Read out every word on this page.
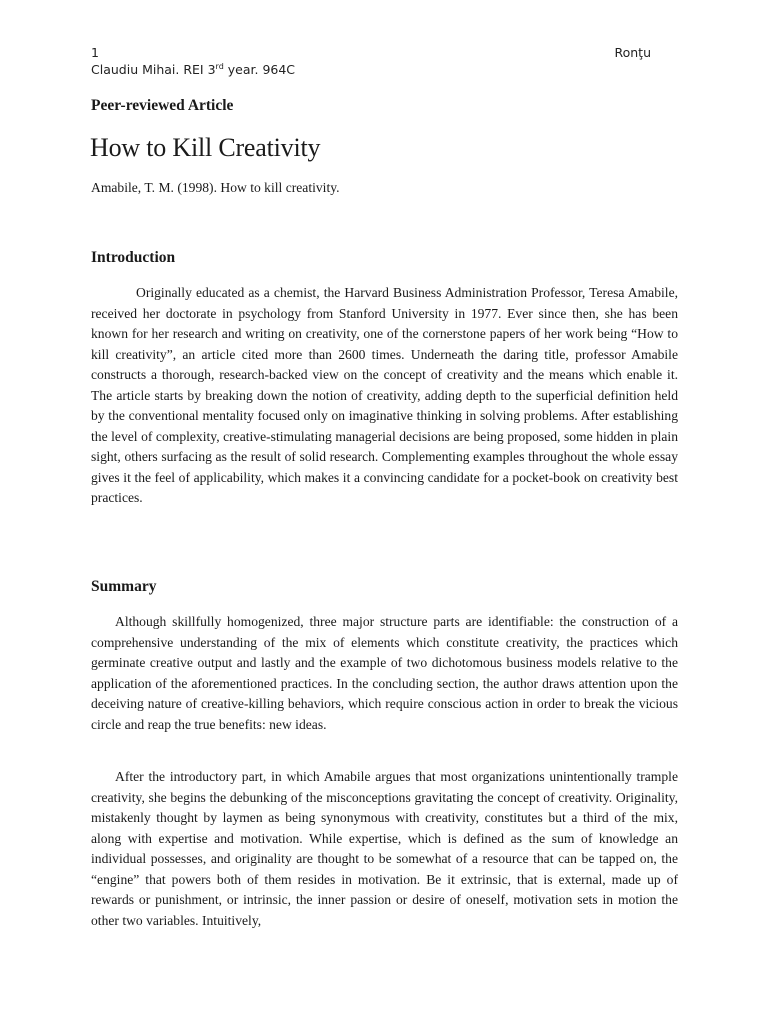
1	Ronţu
Claudiu Mihai. REI 3rd year. 964C
Peer-reviewed Article
How to Kill Creativity
Amabile, T. M. (1998). How to kill creativity.
Introduction

Originally educated as a chemist, the Harvard Business Administration Professor, Teresa Amabile, received her doctorate in psychology from Stanford University in 1977. Ever since then, she has been known for her research and writing on creativity, one of the cornerstone papers of her work being “How to kill creativity”, an article cited more than 2600 times. Underneath the daring title, professor Amabile constructs a thorough, research-backed view on the concept of creativity and the means which enable it. The article starts by breaking down the notion of creativity, adding depth to the superficial definition held by the conventional mentality focused only on imaginative thinking in solving problems. After establishing the level of complexity, creative-stimulating managerial decisions are being proposed, some hidden in plain sight, others surfacing as the result of solid research. Complementing examples throughout the whole essay gives it the feel of applicability, which makes it a convincing candidate for a pocket-book on creativity best practices.

Summary

Although skillfully homogenized, three major structure parts are identifiable: the construction of a comprehensive understanding of the mix of elements which constitute creativity, the practices which germinate creative output and lastly and the example of two dichotomous business models relative to the application of the aforementioned practices. In the concluding section, the author draws attention upon the deceiving nature of creative-killing behaviors, which require conscious action in order to break the vicious circle and reap the true benefits: new ideas.

After the introductory part, in which Amabile argues that most organizations unintentionally trample creativity, she begins the debunking of the misconceptions gravitating the concept of creativity. Originality, mistakenly thought by laymen as being synonymous with creativity, constitutes but a third of the mix, along with expertise and motivation. While expertise, which is defined as the sum of knowledge an individual possesses, and originality are thought to be somewhat of a resource that can be tapped on, the “engine” that powers both of them resides in motivation. Be it extrinsic, that is external, made up of rewards or punishment, or intrinsic, the inner passion or desire of oneself, motivation sets in motion the other two variables. Intuitively,
